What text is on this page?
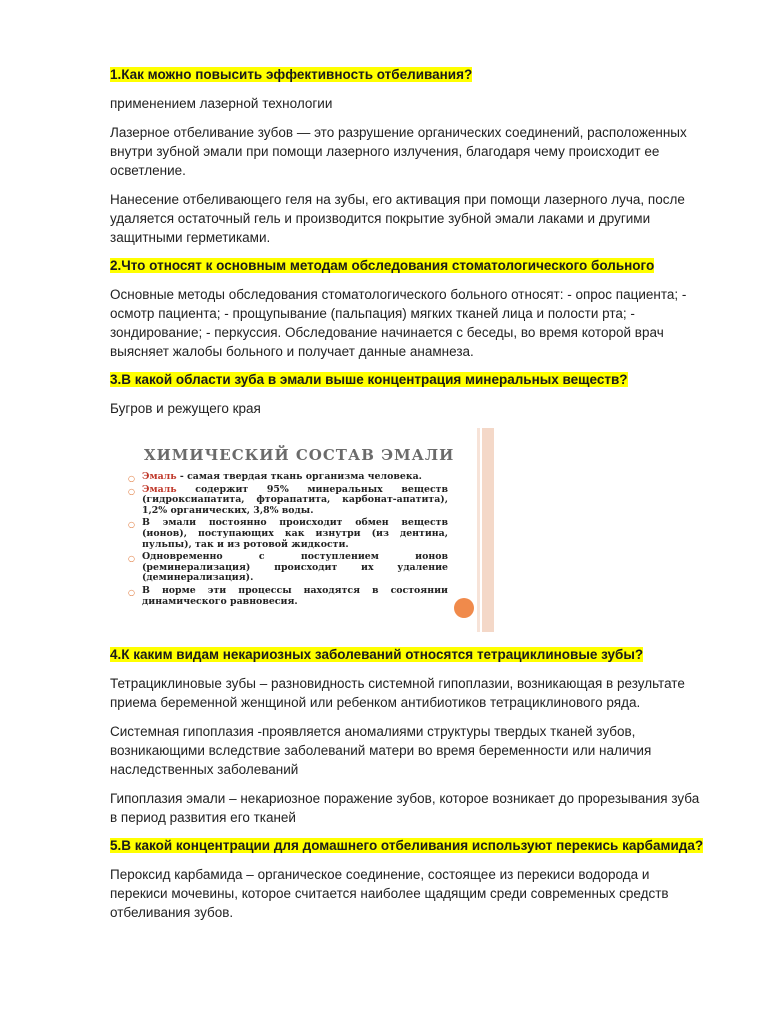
1.Как можно повысить эффективность отбеливания?
применением лазерной технологии
Лазерное отбеливание зубов — это разрушение органических соединений, расположенных внутри зубной эмали при помощи лазерного излучения, благодаря чему происходит ее осветление.
Нанесение отбеливающего геля на зубы, его активация при помощи лазерного луча, после удаляется остаточный гель и производится покрытие зубной эмали лаками и другими защитными герметиками.
2.Что относят к основным методам обследования стоматологического больного
Основные методы обследования стоматологического больного относят: - опрос пациента; - осмотр пациента; - прощупывание (пальпация) мягких тканей лица и полости рта; - зондирование; - перкуссия. Обследование начинается с беседы, во время которой врач выясняет жалобы больного и получает данные анамнеза.
3.В какой области зуба в эмали выше концентрация минеральных веществ?
Бугров и режущего края
ХИМИЧЕСКИЙ СОСТАВ ЭМАЛИ
○ Эмаль - самая твердая ткань организма человека.
○ Эмаль содержит 95% минеральных веществ (гидроксиапатита, фторапатита, карбонат-апатита), 1,2% органических, 3,8% воды.
○ В эмали постоянно происходит обмен веществ (ионов), поступающих как изнутри (из дентина, пульпы), так и из ротовой жидкости.
○ Одновременно с поступлением ионов (реминерализация) происходит их удаление (деминерализация).
○ В норме эти процессы находятся в состоянии динамического равновесия.
4.К каким видам некариозных заболеваний относятся тетрациклиновые зубы?
Тетрациклиновые зубы – разновидность системной гипоплазии, возникающая в результате приема беременной женщиной или ребенком антибиотиков тетрациклинового ряда.
Системная гипоплазия -проявляется аномалиями структуры твердых тканей зубов, возникающими вследствие заболеваний матери во время беременности или наличия наследственных заболеваний
Гипоплазия эмали – некариозное поражение зубов, которое возникает до прорезывания зуба в период развития его тканей
5.В какой концентрации для домашнего отбеливания используют перекись карбамида?
Пероксид карбамида – органическое соединение, состоящее из перекиси водорода и перекиси мочевины, которое считается наиболее щадящим среди современных средств отбеливания зубов.
